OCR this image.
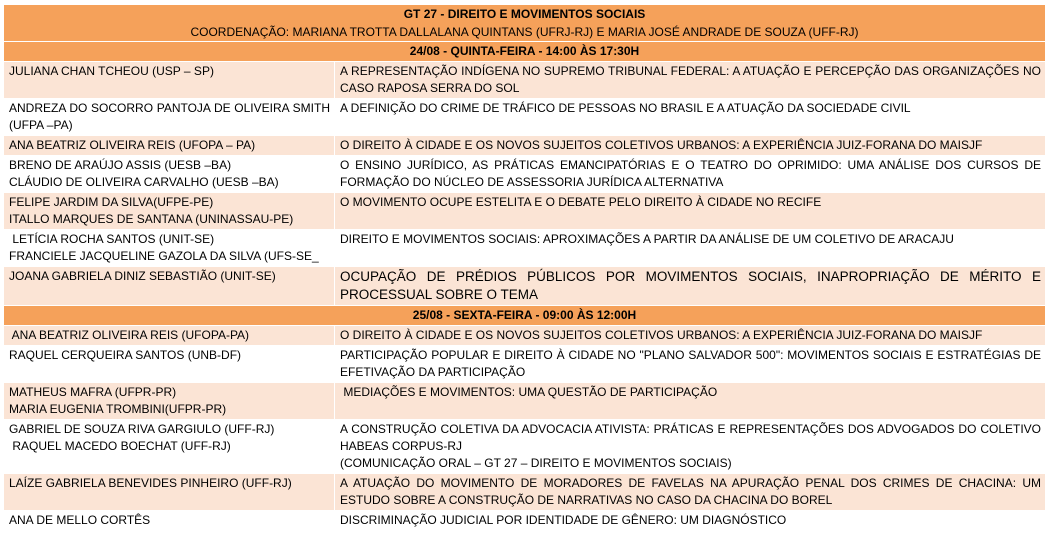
GT 27 - DIREITO E MOVIMENTOS SOCIAIS
COORDENAÇÃO: MARIANA TROTTA DALLALANA QUINTANS (UFRJ-RJ) E MARIA JOSÉ ANDRADE DE SOUZA (UFF-RJ)	

24/08 - QUINTA-FEIRA - 14:00 ÀS 17:30H	

JULIANA CHAN TCHEOU (USP – SP)	A REPRESENTAÇÃO INDÍGENA NO SUPREMO TRIBUNAL FEDERAL: A ATUAÇÃO E PERCEPÇÃO DAS ORGANIZAÇÕES NO CASO RAPOSA SERRA DO SOL

ANDREZA DO SOCORRO PANTOJA DE OLIVEIRA SMITH (UFPA –PA)	A DEFINIÇÃO DO CRIME DE TRÁFICO DE PESSOAS NO BRASIL E A ATUAÇÃO DA SOCIEDADE CIVIL

ANA BEATRIZ OLIVEIRA REIS (UFOPA – PA)	O DIREITO À CIDADE E OS NOVOS SUJEITOS COLETIVOS URBANOS: A EXPERIÊNCIA JUIZ-FORANA DO MAISJF

BRENO DE ARAÚJO ASSIS (UESB –BA)
CLÁUDIO DE OLIVEIRA CARVALHO (UESB –BA)	O ENSINO JURÍDICO, AS PRÁTICAS EMANCIPATÓRIAS E O TEATRO DO OPRIMIDO: UMA ANÁLISE DOS CURSOS DE FORMAÇÃO DO NÚCLEO DE ASSESSORIA JURÍDICA ALTERNATIVA

FELIPE JARDIM DA SILVA(UFPE-PE)
ITALLO MARQUES DE SANTANA (UNINASSAU-PE)	O MOVIMENTO OCUPE ESTELITA E O DEBATE PELO DIREITO À CIDADE NO RECIFE

LETÍCIA ROCHA SANTOS (UNIT-SE)
FRANCIELE JACQUELINE GAZOLA DA SILVA (UFS-SE_	DIREITO E MOVIMENTOS SOCIAIS: APROXIMAÇÕES A PARTIR DA ANÁLISE DE UM COLETIVO DE ARACAJU

JOANA GABRIELA DINIZ SEBASTIÃO (UNIT-SE)	OCUPAÇÃO DE PRÉDIOS PÚBLICOS POR MOVIMENTOS SOCIAIS, INAPROPRIAÇÃO DE MÉRITO E PROCESSUAL SOBRE O TEMA
25/08 - SEXTA-FEIRA - 09:00 ÀS 12:00H	

ANA BEATRIZ OLIVEIRA REIS (UFOPA-PA)	O DIREITO À CIDADE E OS NOVOS SUJEITOS COLETIVOS URBANOS: A EXPERIÊNCIA JUIZ-FORANA DO MAISJF

RAQUEL CERQUEIRA SANTOS (UNB-DF)	PARTICIPAÇÃO POPULAR E DIREITO À CIDADE NO "PLANO SALVADOR 500": MOVIMENTOS SOCIAIS E ESTRATÉGIAS DE EFETIVAÇÃO DA PARTICIPAÇÃO

MATHEUS MAFRA (UFPR-PR)
MARIA EUGENIA TROMBINI(UFPR-PR)	MEDIAÇÕES E MOVIMENTOS: UMA QUESTÃO DE PARTICIPAÇÃO

GABRIEL DE SOUZA RIVA GARGIULO (UFF-RJ)
RAQUEL MACEDO BOECHAT (UFF-RJ)	A CONSTRUÇÃO COLETIVA DA ADVOCACIA ATIVISTA: PRÁTICAS E REPRESENTAÇÕES DOS ADVOGADOS DO COLETIVO HABEAS CORPUS-RJ
(COMUNICAÇÃO ORAL – GT 27 – DIREITO E MOVIMENTOS SOCIAIS)

LAÍZE GABRIELA BENEVIDES PINHEIRO (UFF-RJ)	A ATUAÇÃO DO MOVIMENTO DE MORADORES DE FAVELAS NA APURAÇÃO PENAL DOS CRIMES DE CHACINA: UM ESTUDO SOBRE A CONSTRUÇÃO DE NARRATIVAS NO CASO DA CHACINA DO BOREL

ANA DE MELLO CORTÊS	DISCRIMINAÇÃO JUDICIAL POR IDENTIDADE DE GÊNERO: UM DIAGNÓSTICO
